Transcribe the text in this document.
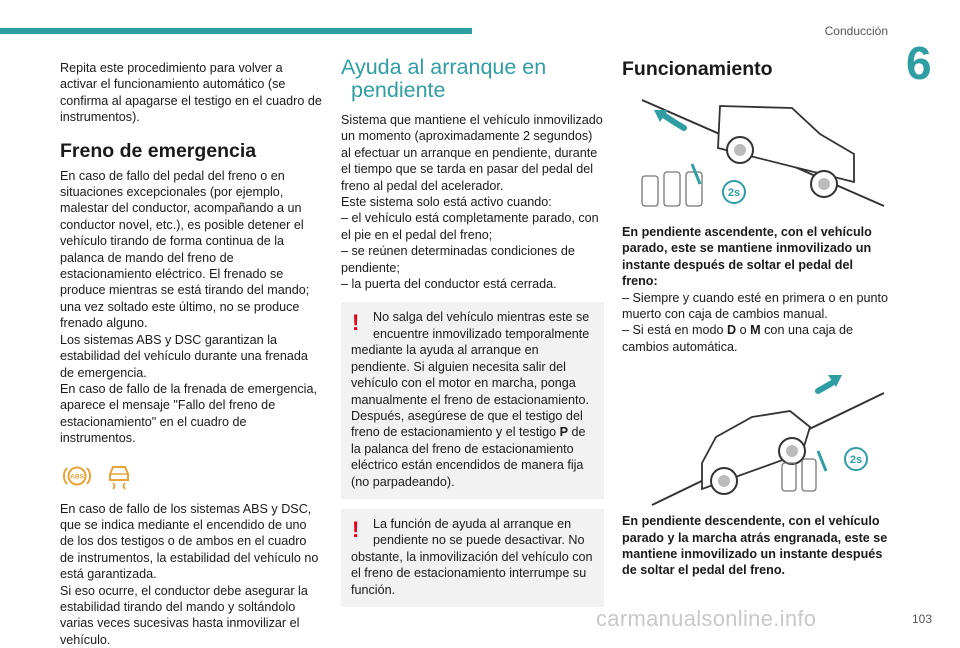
Conducción
6

Repita este procedimiento para volver a activar el funcionamiento automático (se confirma al apagarse el testigo en el cuadro de instrumentos).

Freno de emergencia

En caso de fallo del pedal del freno o en situaciones excepcionales (por ejemplo, malestar del conductor, acompañando a un conductor novel, etc.), es posible detener el vehículo tirando de forma continua de la palanca de mando del freno de estacionamiento eléctrico. El frenado se produce mientras se está tirando del mando; una vez soltado este último, no se produce frenado alguno.

Los sistemas ABS y DSC garantizan la estabilidad del vehículo durante una frenada de emergencia.

En caso de fallo de la frenada de emergencia, aparece el mensaje "Fallo del freno de estacionamiento" en el cuadro de instrumentos.

ABS

En caso de fallo de los sistemas ABS y DSC, que se indica mediante el encendido de uno de los dos testigos o de ambos en el cuadro de instrumentos, la estabilidad del vehículo no está garantizada.

Si eso ocurre, el conductor debe asegurar la estabilidad tirando del mando y soltándolo varias veces sucesivas hasta inmovilizar el vehículo.

Ayuda al arranque en
pendiente

Sistema que mantiene el vehículo inmovilizado un momento (aproximadamente 2 segundos) al efectuar un arranque en pendiente, durante el tiempo que se tarda en pasar del pedal del freno al pedal del acelerador.

Este sistema solo está activo cuando:

– el vehículo está completamente parado, con el pie en el pedal del freno;

– se reúnen determinadas condiciones de pendiente;

– la puerta del conductor está cerrada.

!	No salga del vehículo mientras este se encuentre inmovilizado temporalmente

mediante la ayuda al arranque en pendiente. Si alguien necesita salir del vehículo con el motor en marcha, ponga manualmente el freno de estacionamiento. Después, asegúrese de que el testigo del freno de estacionamiento y el testigo P de la palanca del freno de estacionamiento eléctrico están encendidos de manera fija (no parpadeando).

!	La función de ayuda al arranque en pendiente no se puede desactivar. No

obstante, la inmovilización del vehículo con el freno de estacionamiento interrumpe su función.

Funcionamiento
2s

En pendiente ascendente, con el vehículo parado, este se mantiene inmovilizado un instante después de soltar el pedal del freno:

– Siempre y cuando esté en primera o en punto muerto con caja de cambios manual.

– Si está en modo D o M con una caja de cambios automática.

2s

En pendiente descendente, con el vehículo parado y la marcha atrás engranada, este se mantiene inmovilizado un instante después de soltar el pedal del freno.

carmanualsonline.info	103
